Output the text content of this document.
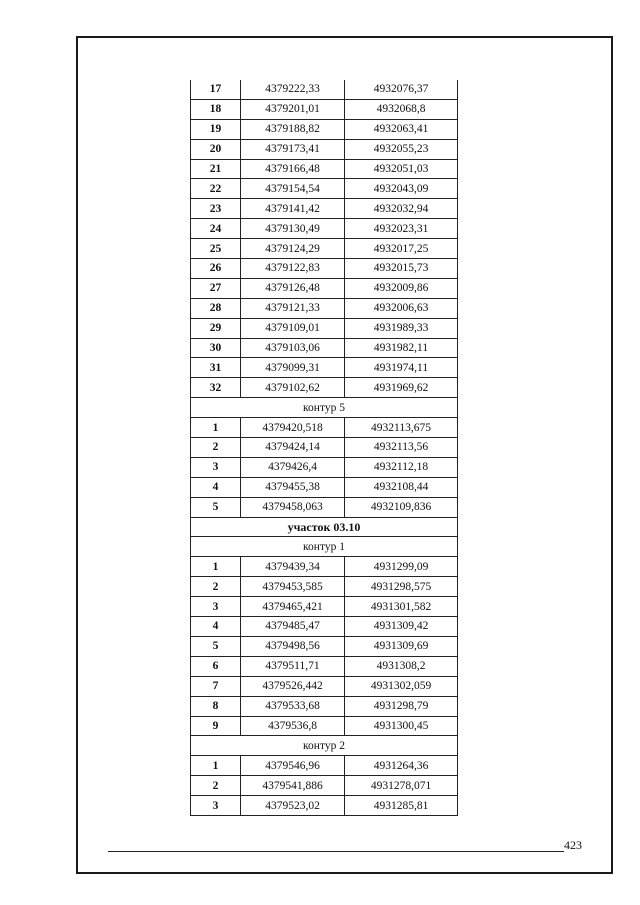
17	4379222,33	4932076,37
18	4379201,01	4932068,8
19	4379188,82	4932063,41
20	4379173,41	4932055,23
21	4379166,48	4932051,03
22	4379154,54	4932043,09
23	4379141,42	4932032,94
24	4379130,49	4932023,31
25	4379124,29	4932017,25
26	4379122,83	4932015,73
27	4379126,48	4932009,86
28	4379121,33	4932006,63
29	4379109,01	4931989,33
30	4379103,06	4931982,11
31	4379099,31	4931974,11
32	4379102,62	4931969,62
контур 5		
1	4379420,518	4932113,675
2	4379424,14	4932113,56
3	4379426,4	4932112,18
4	4379455,38	4932108,44
5	4379458,063	4932109,836
участок 03.10		
контур 1		
1	4379439,34	4931299,09
2	4379453,585	4931298,575
3	4379465,421	4931301,582
4	4379485,47	4931309,42
5	4379498,56	4931309,69
6	4379511,71	4931308,2
7	4379526,442	4931302,059
8	4379533,68	4931298,79
9	4379536,8	4931300,45
контур 2		
1	4379546,96	4931264,36
2	4379541,886	4931278,071
3	4379523,02	4931285,81
423
